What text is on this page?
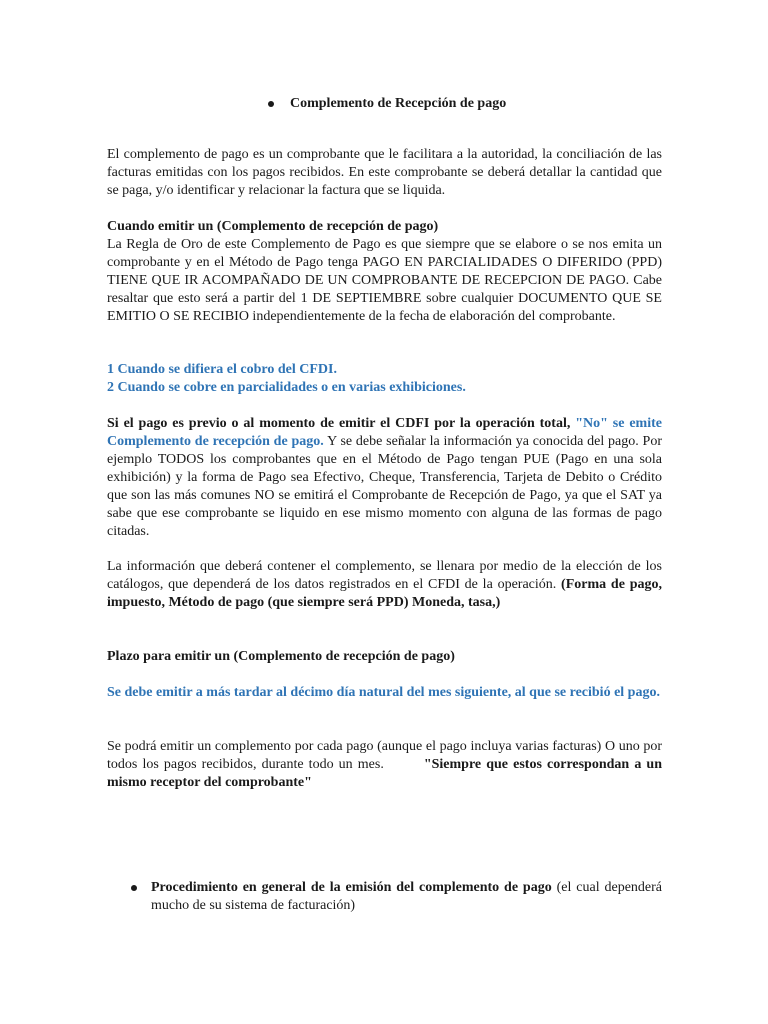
Complemento de Recepción de pago

El complemento de pago es un comprobante que le facilitara a la autoridad, la conciliación de las facturas emitidas con los pagos recibidos. En este comprobante se deberá detallar la cantidad que se paga, y/o identificar y relacionar la factura que se liquida.

Cuando emitir un (Complemento de recepción de pago)

La Regla de Oro de este Complemento de Pago es que siempre que se elabore o se nos emita un comprobante y en el Método de Pago tenga PAGO EN PARCIALIDADES O DIFERIDO (PPD) TIENE QUE IR ACOMPAÑADO DE UN COMPROBANTE DE RECEPCION DE PAGO. Cabe resaltar que esto será a partir del 1 DE SEPTIEMBRE sobre cualquier DOCUMENTO QUE SE EMITIO O SE RECIBIO independientemente de la fecha de elaboración del comprobante.

1 Cuando se difiera el cobro del CFDI.

2 Cuando se cobre en parcialidades o en varias exhibiciones.

Si el pago es previo o al momento de emitir el CDFI por la operación total, "No" se emite Complemento de recepción de pago. Y se debe señalar la información ya conocida del pago. Por ejemplo TODOS los comprobantes que en el Método de Pago tengan PUE (Pago en una sola exhibición) y la forma de Pago sea Efectivo, Cheque, Transferencia, Tarjeta de Debito o Crédito que son las más comunes NO se emitirá el Comprobante de Recepción de Pago, ya que el SAT ya sabe que ese comprobante se liquido en ese mismo momento con alguna de las formas de pago citadas.

La información que deberá contener el complemento, se llenara por medio de la elección de los catálogos, que dependerá de los datos registrados en el CFDI de la operación. (Forma de pago, impuesto, Método de pago (que siempre será PPD) Moneda, tasa,)

Plazo para emitir un (Complemento de recepción de pago)

Se debe emitir a más tardar al décimo día natural del mes siguiente, al que se recibió el pago.

Se podrá emitir un complemento por cada pago (aunque el pago incluya varias facturas) O uno por todos los pagos recibidos, durante todo un mes.	"Siempre que estos correspondan a un mismo receptor del comprobante"

Procedimiento en general de la emisión del complemento de pago (el cual dependerá mucho de su sistema de facturación)
